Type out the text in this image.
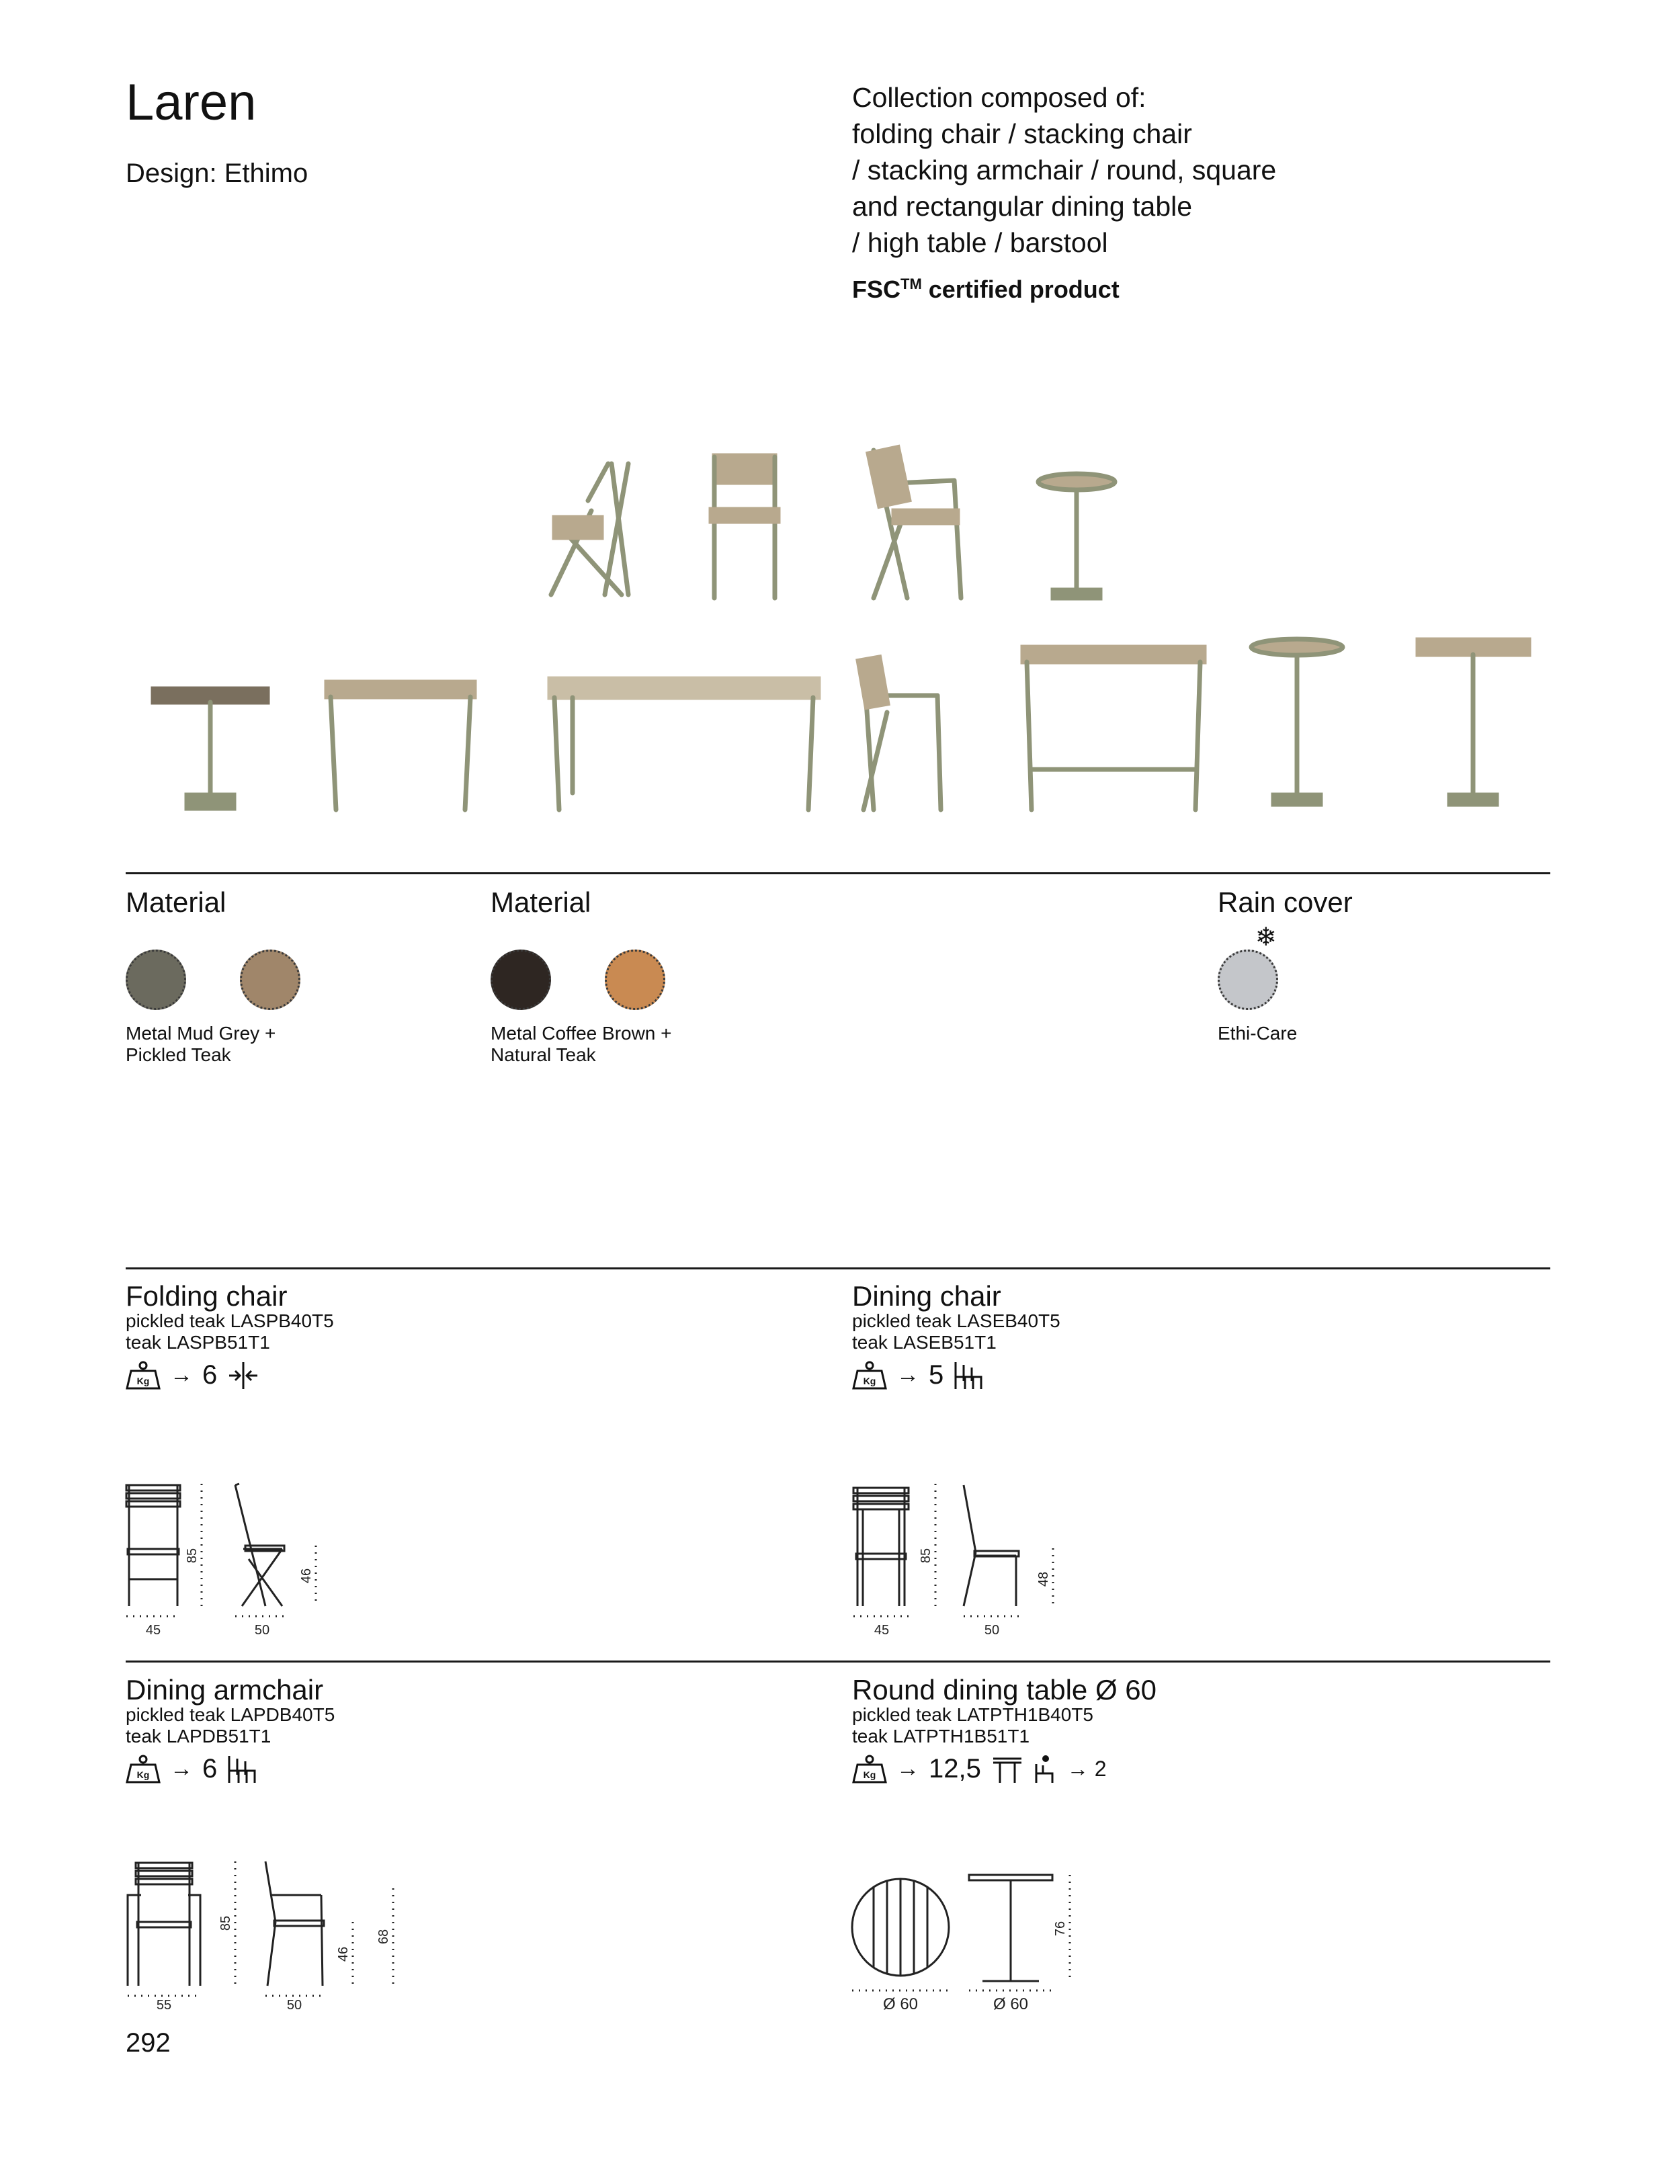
Laren
Design: Ethimo
Collection composed of:
folding chair / stacking chair
/ stacking armchair / round, square
and rectangular dining table
/ high table / barstool
FSC™ certified product
Material
Metal Mud Grey +
Pickled Teak
Material
Metal Coffee Brown +
Natural Teak
Rain cover
❄
Ethi-Care
Folding chair
pickled teak LASPB40T5
teak LASPB51T1
Kg → 6
Dining chair
pickled teak LASEB40T5
teak LASEB51T1
Kg → 5
85
46
45	50
85
48
45	50
Dining armchair
pickled teak LAPDB40T5
teak LAPDB51T1
Kg → 6
Round dining table Ø 60
pickled teak LATPTH1B40T5
teak LATPTH1B51T1
Kg → 12,5	→ 2
85
46
68
55	50
76
Ø 60	Ø 60
292
